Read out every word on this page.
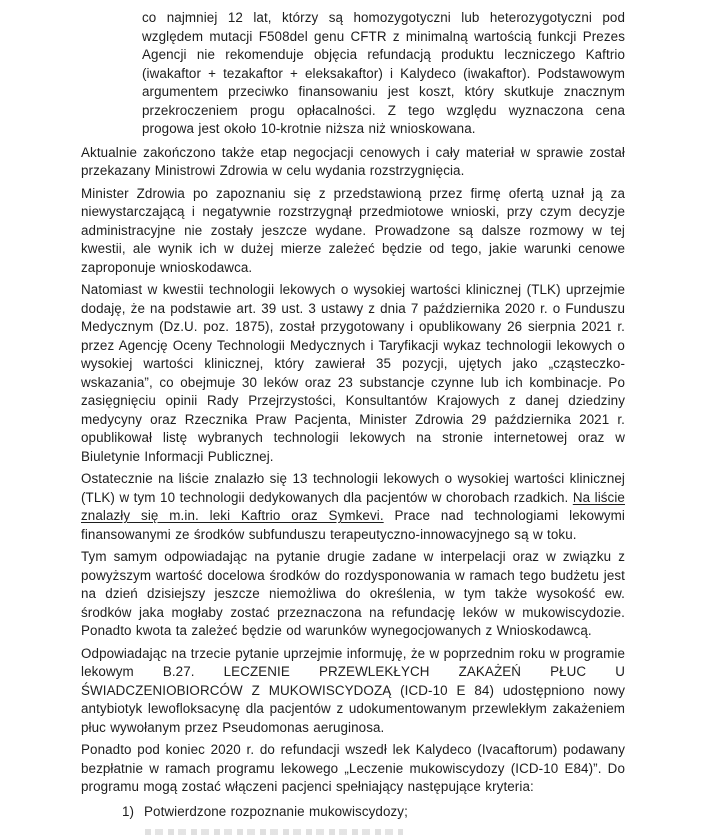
co najmniej 12 lat, którzy są homozygotyczni lub heterozygotyczni pod względem mutacji F508del genu CFTR z minimalną wartością funkcji Prezes Agencji nie rekomenduje objęcia refundacją produktu leczniczego Kaftrio (iwakaftor + tezakaftor + eleksakaftor) i Kalydeco (iwakaftor). Podstawowym argumentem przeciwko finansowaniu jest koszt, który skutkuje znacznym przekroczeniem progu opłacalności. Z tego względu wyznaczona cena progowa jest około 10-krotnie niższa niż wnioskowana.

Aktualnie zakończono także etap negocjacji cenowych i cały materiał w sprawie został przekazany Ministrowi Zdrowia w celu wydania rozstrzygnięcia.

Minister Zdrowia po zapoznaniu się z przedstawioną przez firmę ofertą uznał ją za niewystarczającą i negatywnie rozstrzygnął przedmiotowe wnioski, przy czym decyzje administracyjne nie zostały jeszcze wydane. Prowadzone są dalsze rozmowy w tej kwestii, ale wynik ich w dużej mierze zależeć będzie od tego, jakie warunki cenowe zaproponuje wnioskodawca.

Natomiast w kwestii technologii lekowych o wysokiej wartości klinicznej (TLK) uprzejmie dodaję, że na podstawie art. 39 ust. 3 ustawy z dnia 7 października 2020 r. o Funduszu Medycznym (Dz.U. poz. 1875), został przygotowany i opublikowany 26 sierpnia 2021 r. przez Agencję Oceny Technologii Medycznych i Taryfikacji wykaz technologii lekowych o wysokiej wartości klinicznej, który zawierał 35 pozycji, ujętych jako „cząsteczko-wskazania”, co obejmuje 30 leków oraz 23 substancje czynne lub ich kombinacje. Po zasięgnięciu opinii Rady Przejrzystości, Konsultantów Krajowych z danej dziedziny medycyny oraz Rzecznika Praw Pacjenta, Minister Zdrowia 29 października 2021 r. opublikował listę wybranych technologii lekowych na stronie internetowej oraz w Biuletynie Informacji Publicznej.

Ostatecznie na liście znalazło się 13 technologii lekowych o wysokiej wartości klinicznej (TLK) w tym 10 technologii dedykowanych dla pacjentów w chorobach rzadkich. Na liście znalazły się m.in. leki Kaftrio oraz Symkevi. Prace nad technologiami lekowymi finansowanymi ze środków subfunduszu terapeutyczno-innowacyjnego są w toku.

Tym samym odpowiadając na pytanie drugie zadane w interpelacji oraz w związku z powyższym wartość docelowa środków do rozdysponowania w ramach tego budżetu jest na dzień dzisiejszy jeszcze niemożliwa do określenia, w tym także wysokość ew. środków jaka mogłaby zostać przeznaczona na refundację leków w mukowiscydozie. Ponadto kwota ta zależeć będzie od warunków wynegocjowanych z Wnioskodawcą.

Odpowiadając na trzecie pytanie uprzejmie informuję, że w poprzednim roku w programie lekowym B.27. LECZENIE PRZEWLEKŁYCH ZAKAŻEŃ PŁUC U ŚWIADCZENIOBIORCÓW Z MUKOWISCYDOZĄ (ICD-10 E 84) udostępniono nowy antybiotyk lewofloksacynę dla pacjentów z udokumentowanym przewlekłym zakażeniem płuc wywołanym przez Pseudomonas aeruginosa.

Ponadto pod koniec 2020 r. do refundacji wszedł lek Kalydeco (Ivacaftorum) podawany bezpłatnie w ramach programu lekowego „Leczenie mukowiscydozy (ICD-10 E84)”. Do programu mogą zostać włączeni pacjenci spełniający następujące kryteria:

1) Potwierdzone rozpoznanie mukowiscydozy;
